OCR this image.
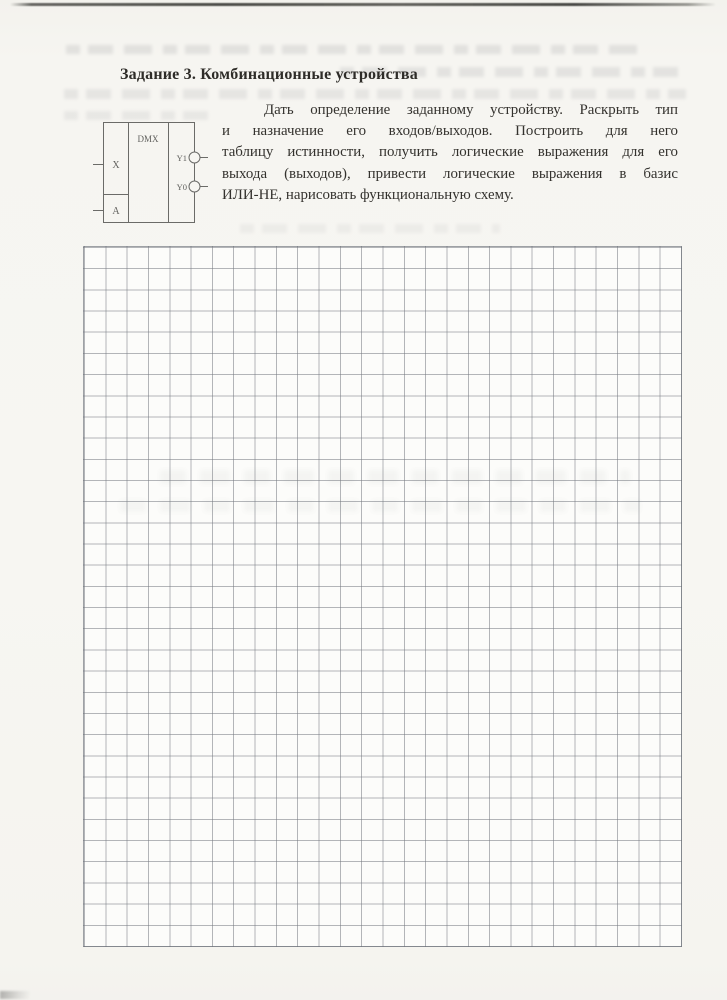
Задание 3. Комбинационные устройства
DMX
X
A
Y1
Y0
Дать определение заданному устройству. Раскрыть тип
и назначение его входов/выходов. Построить для него
таблицу истинности, получить логические выражения для его
выхода (выходов), привести логические выражения в базис
ИЛИ-НЕ, нарисовать функциональную схему.
